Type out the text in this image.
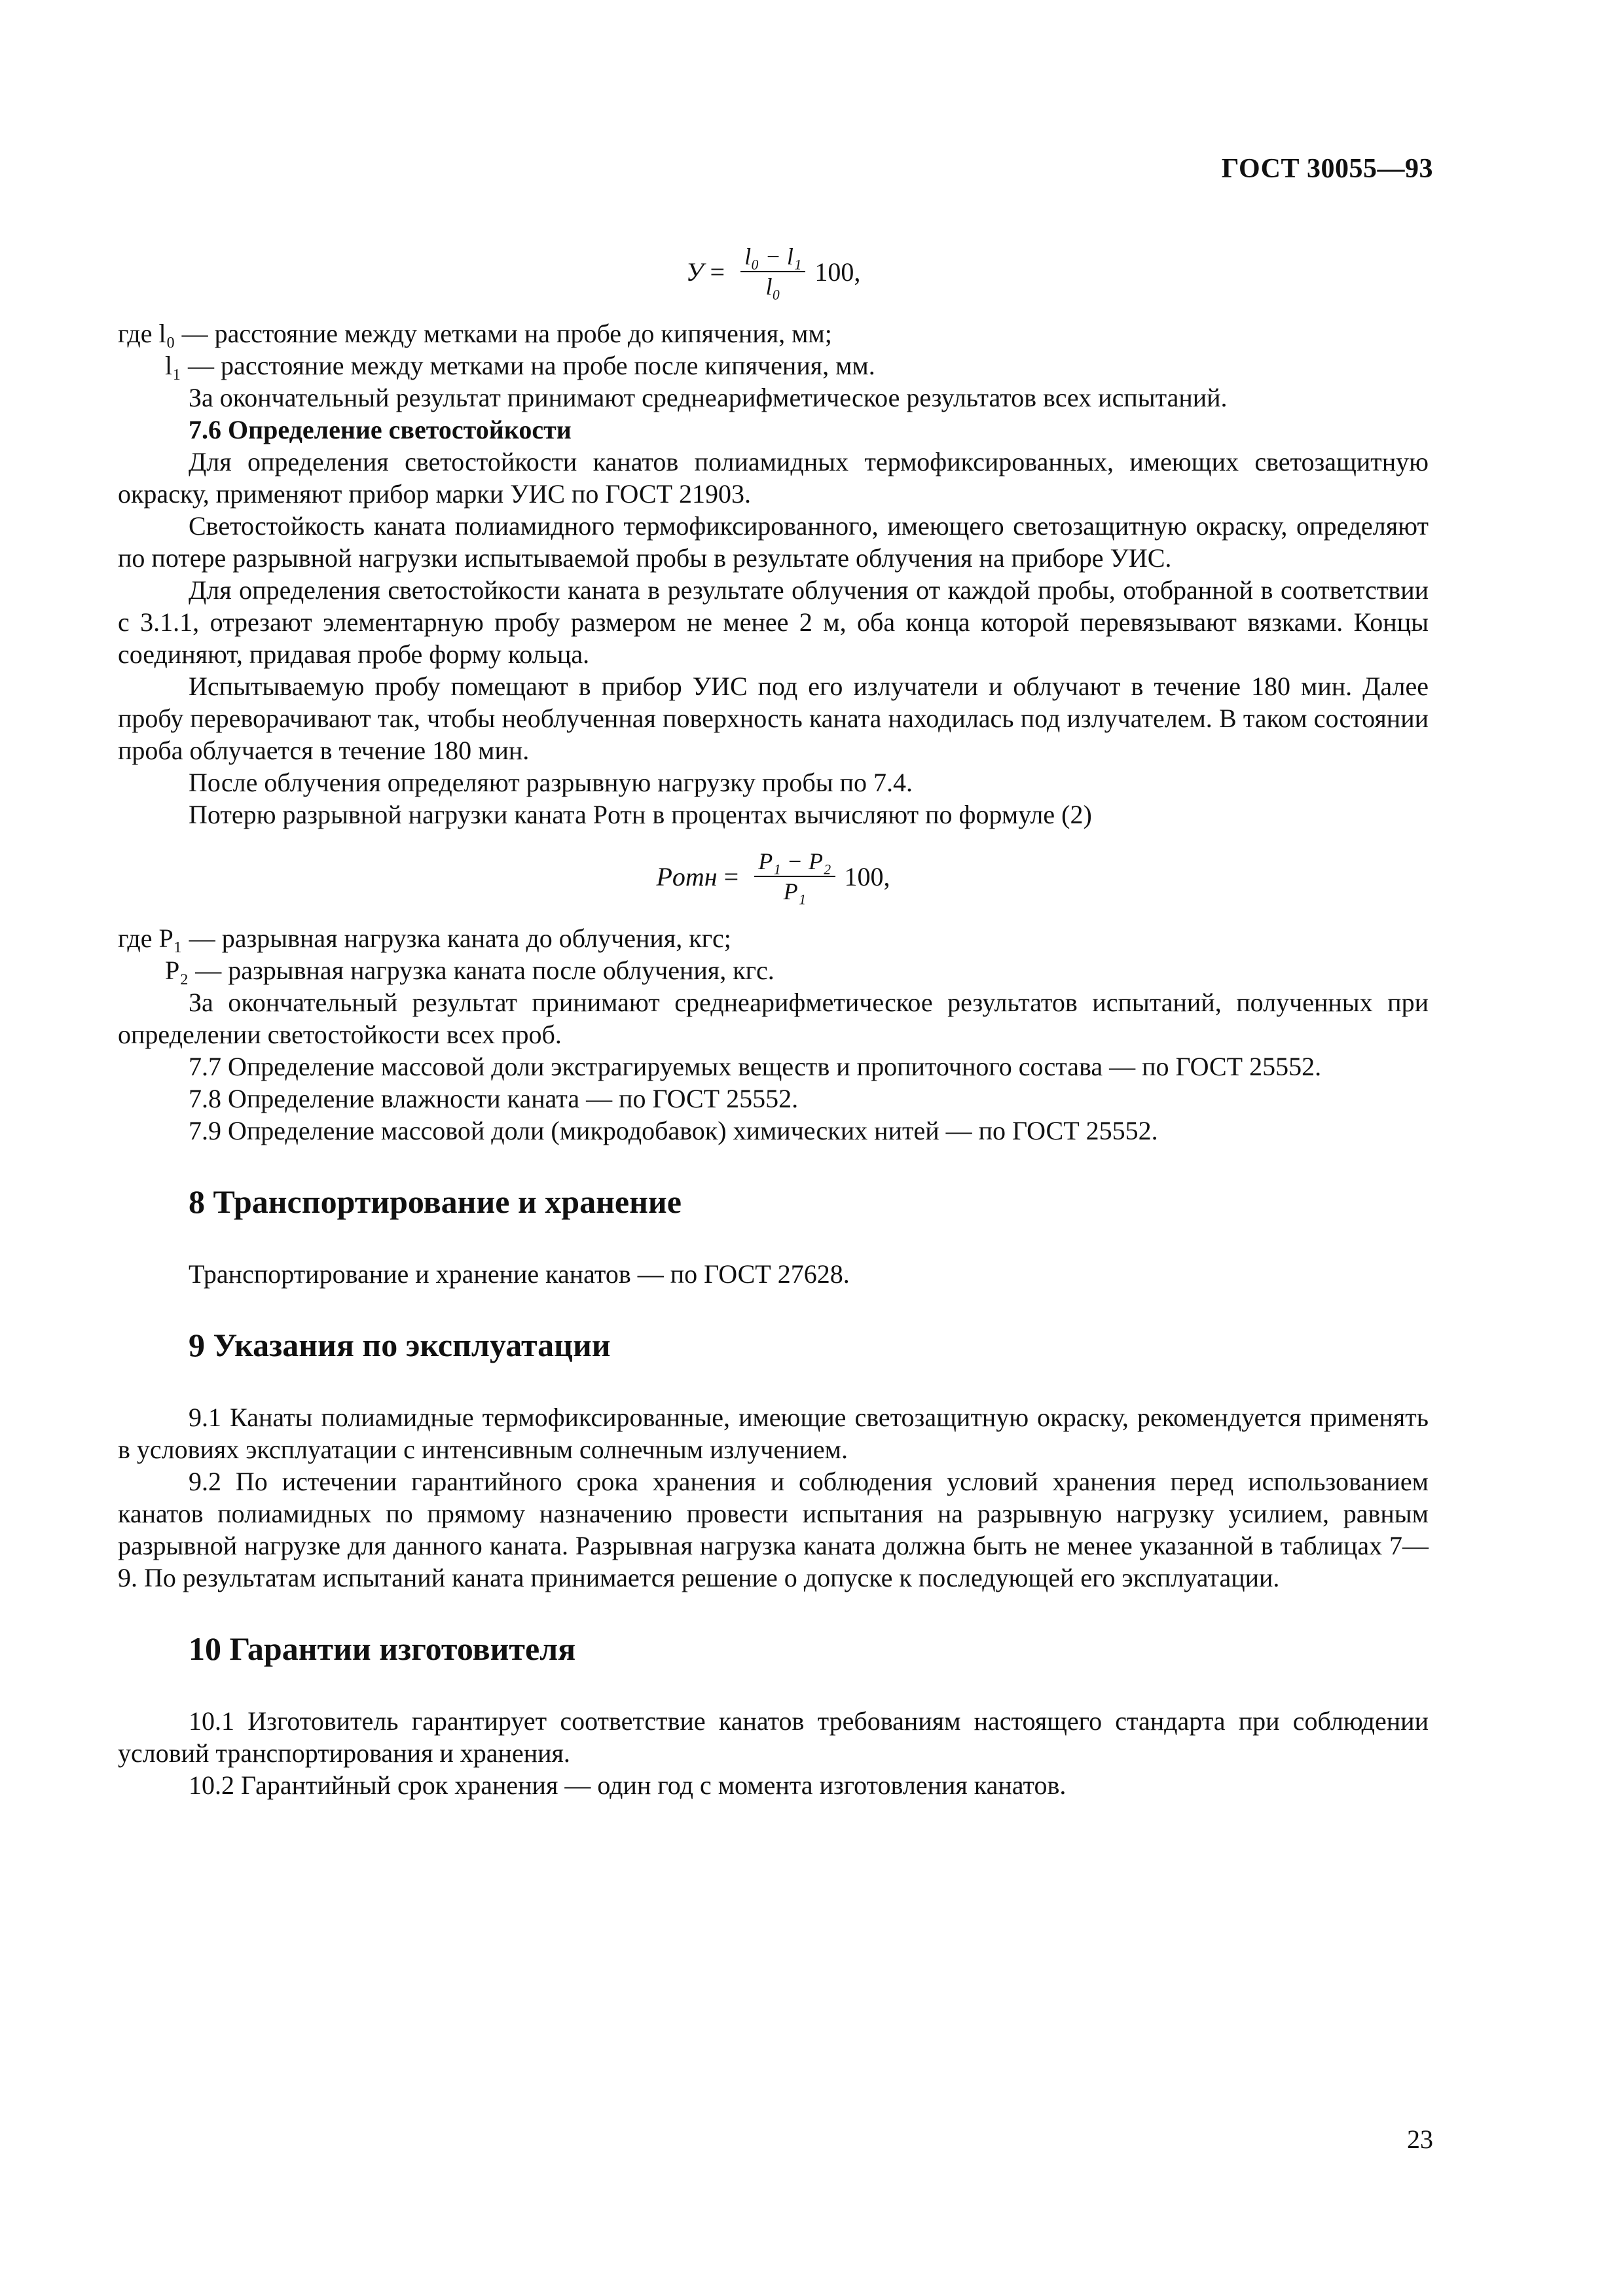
ГОСТ 30055—93
$У = \frac{\text{l₀ − l₁}}{\text{l₀}} 100$,

где l₀ — расстояние между метками на пробе до кипячения, мм;

l₁ — расстояние между метками на пробе после кипячения, мм.

За окончательный результат принимают среднеарифметическое результатов всех испытаний.

7.6 Определение светостойкости

Для определения светостойкости канатов полиамидных термофиксированных, имеющих светозащитную окраску, применяют прибор марки УИС по ГОСТ 21903.

Светостойкость каната полиамидного термофиксированного, имеющего светозащитную окраску, определяют по потере разрывной нагрузки испытываемой пробы в результате облучения на приборе УИС.

Для определения светостойкости каната в результате облучения от каждой пробы, отобранной в соответствии с 3.1.1, отрезают элементарную пробу размером не менее 2 м, оба конца которой перевязывают вязками. Концы соединяют, придавая пробе форму кольца.

Испытываемую пробу помещают в прибор УИС под его излучатели и облучают в течение 180 мин. Далее пробу переворачивают так, чтобы необлученная поверхность каната находилась под излучателем. В таком состоянии проба облучается в течение 180 мин.

После облучения определяют разрывную нагрузку пробы по 7.4.

Потерю разрывной нагрузки каната Pотн в процентах вычисляют по формуле (2)

Pотн = $\frac{\text{P₁ − P₂}}{\text{P₁}} 100$,

где P₁ — разрывная нагрузка каната до облучения, кгс;

P₂ — разрывная нагрузка каната после облучения, кгс.

За окончательный результат принимают среднеарифметическое результатов испытаний, полученных при определении светостойкости всех проб.

7.7 Определение массовой доли экстрагируемых веществ и пропиточного состава — по ГОСТ 25552.

7.8 Определение влажности каната — по ГОСТ 25552.

7.9 Определение массовой доли (микродобавок) химических нитей — по ГОСТ 25552.

8 Транспортирование и хранение

Транспортирование и хранение канатов — по ГОСТ 27628.

9 Указания по эксплуатации

9.1 Канаты полиамидные термофиксированные, имеющие светозащитную окраску, рекомендуется применять в условиях эксплуатации с интенсивным солнечным излучением.

9.2 По истечении гарантийного срока хранения и соблюдения условий хранения перед использованием канатов полиамидных по прямому назначению провести испытания на разрывную нагрузку усилием, равным разрывной нагрузке для данного каната. Разрывная нагрузка каната должна быть не менее указанной в таблицах 7—9. По результатам испытаний каната принимается решение о допуске к последующей его эксплуатации.

10 Гарантии изготовителя

10.1 Изготовитель гарантирует соответствие канатов требованиям настоящего стандарта при соблюдении условий транспортирования и хранения.

10.2 Гарантийный срок хранения — один год с момента изготовления канатов.

23
